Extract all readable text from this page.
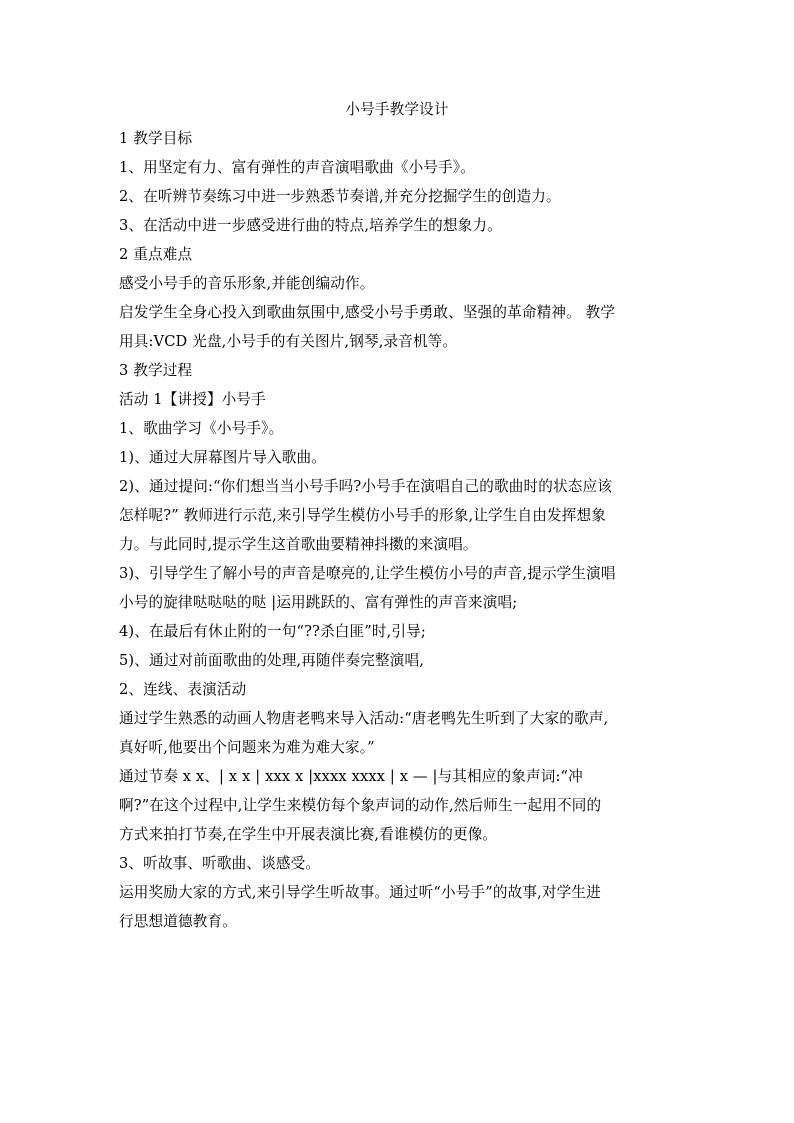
小号手教学设计
1 教学目标
1、用坚定有力、富有弹性的声音演唱歌曲《小号手》。
2、在听辨节奏练习中进一步熟悉节奏谱,并充分挖掘学生的创造力。
3、在活动中进一步感受进行曲的特点,培养学生的想象力。
2 重点难点
感受小号手的音乐形象,并能创编动作。
启发学生全身心投入到歌曲氛围中,感受小号手勇敢、坚强的革命精神。 教学
用具:VCD 光盘,小号手的有关图片,钢琴,录音机等。
3 教学过程
活动 1【讲授】小号手
1、歌曲学习《小号手》。
1)、通过大屏幕图片导入歌曲。
2)、通过提问:“你们想当当小号手吗?小号手在演唱自己的歌曲时的状态应该
怎样呢?” 教师进行示范,来引导学生模仿小号手的形象,让学生自由发挥想象
力。与此同时,提示学生这首歌曲要精神抖擞的来演唱。
3)、引导学生了解小号的声音是嘹亮的,让学生模仿小号的声音,提示学生演唱
小号的旋律哒哒哒的哒 |运用跳跃的、富有弹性的声音来演唱;
4)、在最后有休止附的一句“??杀白匪”时,引导;
5)、通过对前面歌曲的处理,再随伴奏完整演唱,
2、连线、表演活动
通过学生熟悉的动画人物唐老鸭来导入活动:“唐老鸭先生听到了大家的歌声,
真好听,他要出个问题来为难为难大家。”
通过节奏 x x、| x x | xxx x |xxxx xxxx | x — |与其相应的象声词:“冲
啊?”在这个过程中,让学生来模仿每个象声词的动作,然后师生一起用不同的
方式来拍打节奏,在学生中开展表演比赛,看谁模仿的更像。
3、听故事、听歌曲、谈感受。
运用奖励大家的方式,来引导学生听故事。通过听“小号手”的故事,对学生进
行思想道德教育。
